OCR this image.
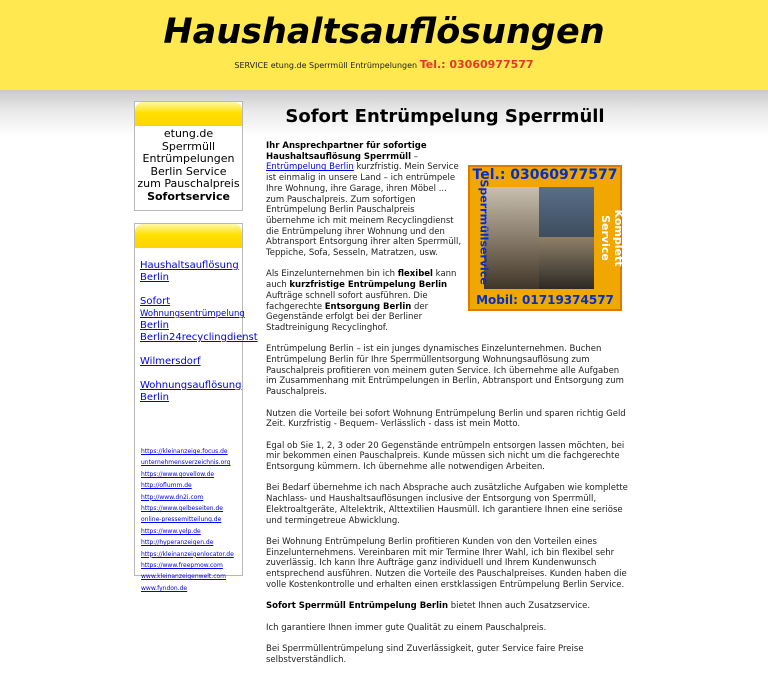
Haushaltsauflösungen
SERVICE etung.de Sperrmüll Entrümpelungen Tel.: 03060977577
etung.de
Sperrmüll
Entrümpelungen
Berlin Service
zum Pauschalpreis
Sofortservice
Haushaltsauflösung
Berlin
Sofort
Wohnungsentrümpelung
Berlin
Berlin24recyclingdienst
Wilmersdorf
Wohnungsauflösung
Berlin
https://kleinanzeige.focus.de
unternehmensverzeichnis.org
https://www.govellow.de
http://oflumm.de
http://www.dn2i.com
https://www.gelbeseiten.de
online-pressemitteilung.de
https://www.yelp.de
http://hyperanzeigen.de
https://kleinanzeigenlocator.de
https://www.freepmow.com
www.kleinanzeigenwelt.com
www.fyndon.de
Sofort Entrümpelung Sperrmüll

Ihr Ansprechpartner für sofortige Haushaltsauflösung Sperrmüll – Entrümpelung Berlin kurzfristig. Mein Service ist einmalig in unsere Land – ich entrümpele Ihre Wohnung, ihre Garage, ihren Möbel ... zum Pauschalpreis. Zum sofortigen Entrümpelung Berlin Pauschalpreis übernehme ich mit meinem Recyclingdienst die Entrümpelung ihrer Wohnung und den Abtransport Entsorgung ihrer alten Sperrmüll, Teppiche, Sofa, Sesseln, Matratzen, usw.

Als Einzelunternehmen bin ich flexibel kann auch kurzfristige Entrümpelung Berlin Aufträge schnell sofort ausführen. Die fachgerechte Entsorgung Berlin der Gegenstände erfolgt bei der Berliner Stadtreinigung Recyclinghof.

Entrümpelung Berlin – ist ein junges dynamisches Einzelunternehmen. Buchen Entrümpelung Berlin für Ihre Sperrmüllentsorgung Wohnungsauflösung zum Pauschalpreis profitieren von meinem guten Service. Ich übernehme alle Aufgaben im Zusammenhang mit Entrümpelungen in Berlin, Abtransport und Entsorgung zum Pauschalpreis.

Nutzen die Vorteile bei sofort Wohnung Entrümpelung Berlin und sparen richtig Geld Zeit. Kurzfristig - Bequem- Verlässlich - dass ist mein Motto.

Egal ob Sie 1, 2, 3 oder 20 Gegenstände entrümpeln entsorgen lassen möchten, bei mir bekommen einen Pauschalpreis. Kunde müssen sich nicht um die fachgerechte Entsorgung kümmern. Ich übernehme alle notwendigen Arbeiten.

Bei Bedarf übernehme ich nach Absprache auch zusätzliche Aufgaben wie komplette Nachlass- und Haushaltsauflösungen inclusive der Entsorgung von Sperrmüll, Elektroaltgeräte, Altelektrik, Alttextilien Hausmüll. Ich garantiere Ihnen eine seriöse und termingetreue Abwicklung.

Bei Wohnung Entrümpelung Berlin profitieren Kunden von den Vorteilen eines Einzelunternehmens. Vereinbaren mit mir Termine Ihrer Wahl, ich bin flexibel sehr zuverlässig. Ich kann Ihre Aufträge ganz individuell und Ihrem Kundenwunsch entsprechend ausführen. Nutzen die Vorteile des Pauschalpreises. Kunden haben die volle Kostenkontrolle und erhalten einen erstklassigen Entrümpelung Berlin Service.

Sofort Sperrmüll Entrümpelung Berlin bietet Ihnen auch Zusatzservice.

Ich garantiere Ihnen immer gute Qualität zu einem Pauschalpreis.

Bei Sperrmüllentrümpelung sind Zuverlässigkeit, guter Service faire Preise selbstverständlich.

Tel.: 03060977577
Sperrmüllservice	Komplett Service
Mobil: 01719374577
